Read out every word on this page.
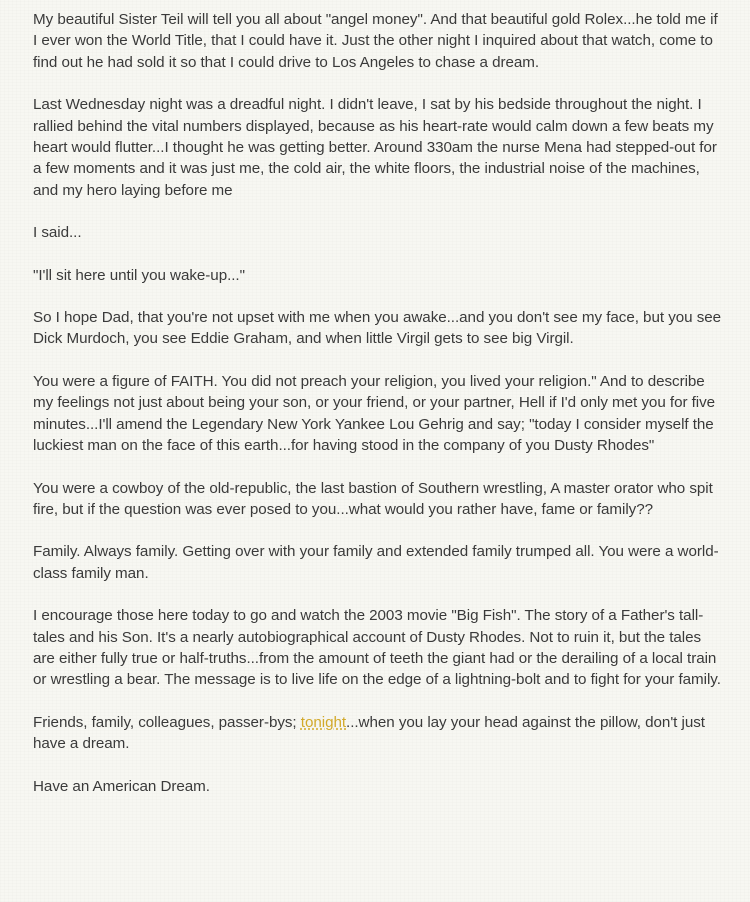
My beautiful Sister Teil will tell you all about "angel money". And that beautiful gold Rolex...he told me if I ever won the World Title, that I could have it. Just the other night I inquired about that watch, come to find out he had sold it so that I could drive to Los Angeles to chase a dream.

Last Wednesday night was a dreadful night. I didn't leave, I sat by his bedside throughout the night. I rallied behind the vital numbers displayed, because as his heart-rate would calm down a few beats my heart would flutter...I thought he was getting better. Around 330am the nurse Mena had stepped-out for a few moments and it was just me, the cold air, the white floors, the industrial noise of the machines, and my hero laying before me

I said...

"I'll sit here until you wake-up..."

So I hope Dad, that you're not upset with me when you awake...and you don't see my face, but you see Dick Murdoch, you see Eddie Graham, and when little Virgil gets to see big Virgil.

You were a figure of FAITH. You did not preach your religion, you lived your religion." And to describe my feelings not just about being your son, or your friend, or your partner, Hell if I'd only met you for five minutes...I'll amend the Legendary New York Yankee Lou Gehrig and say; "today I consider myself the luckiest man on the face of this earth...for having stood in the company of you Dusty Rhodes"

You were a cowboy of the old-republic, the last bastion of Southern wrestling, A master orator who spit fire, but if the question was ever posed to you...what would you rather have, fame or family??

Family. Always family. Getting over with your family and extended family trumped all. You were a world-class family man.

I encourage those here today to go and watch the 2003 movie "Big Fish". The story of a Father's tall-tales and his Son. It's a nearly autobiographical account of Dusty Rhodes. Not to ruin it, but the tales are either fully true or half-truths...from the amount of teeth the giant had or the derailing of a local train or wrestling a bear. The message is to live life on the edge of a lightning-bolt and to fight for your family.

Friends, family, colleagues, passer-bys; tonight...when you lay your head against the pillow, don't just have a dream.

Have an American Dream.
